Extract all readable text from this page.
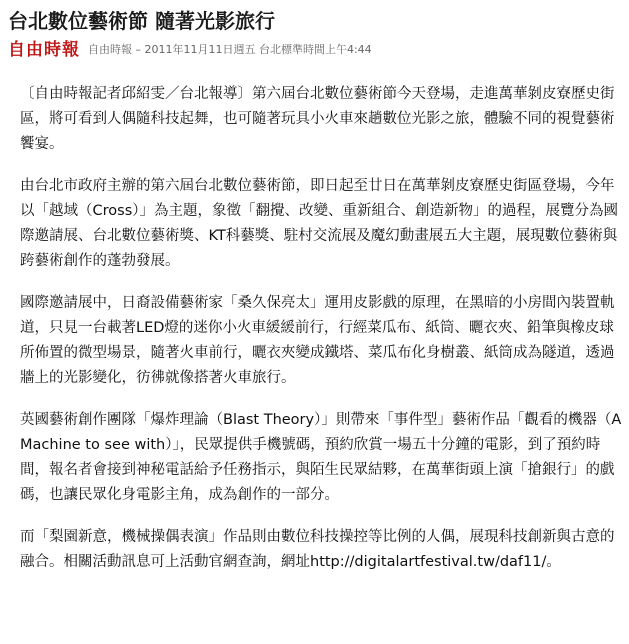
台北數位藝術節 隨著光影旅行
自由時報 自由時報 – 2011年11月11日週五 台北標準時間上午4:44

〔自由時報記者邱紹雯／台北報導〕第六屆台北數位藝術節今天登場，走進萬華剝皮寮歷史街區，將可看到人偶隨科技起舞，也可隨著玩具小火車來趟數位光影之旅，體驗不同的視覺藝術饗宴。

由台北市政府主辦的第六屆台北數位藝術節，即日起至廿日在萬華剝皮寮歷史街區登場，今年以「越域（Cross）」為主題，象徵「翻攪、改變、重新組合、創造新物」的過程，展覽分為國際邀請展、台北數位藝術獎、KT科藝獎、駐村交流展及魔幻動畫展五大主題，展現數位藝術與跨藝術創作的蓬勃發展。

國際邀請展中，日裔設備藝術家「桑久保亮太」運用皮影戲的原理，在黑暗的小房間內裝置軌道，只見一台載著LED燈的迷你小火車緩緩前行，行經菜瓜布、紙筒、曬衣夾、鉛筆與橡皮球所佈置的微型場景，隨著火車前行，曬衣夾變成鐵塔、菜瓜布化身樹叢、紙筒成為隧道，透過牆上的光影變化，彷彿就像搭著火車旅行。

英國藝術創作團隊「爆炸理論（Blast Theory）」則帶來「事件型」藝術作品「觀看的機器（A Machine to see with）」，民眾提供手機號碼，預約欣賞一場五十分鐘的電影，到了預約時間，報名者會接到神秘電話給予任務指示，與陌生民眾結夥，在萬華街頭上演「搶銀行」的戲碼，也讓民眾化身電影主角，成為創作的一部分。

而「梨園新意，機械操偶表演」作品則由數位科技操控等比例的人偶，展現科技創新與古意的融合。相關活動訊息可上活動官網查詢，網址http://digitalartfestival.tw/daf11/。
